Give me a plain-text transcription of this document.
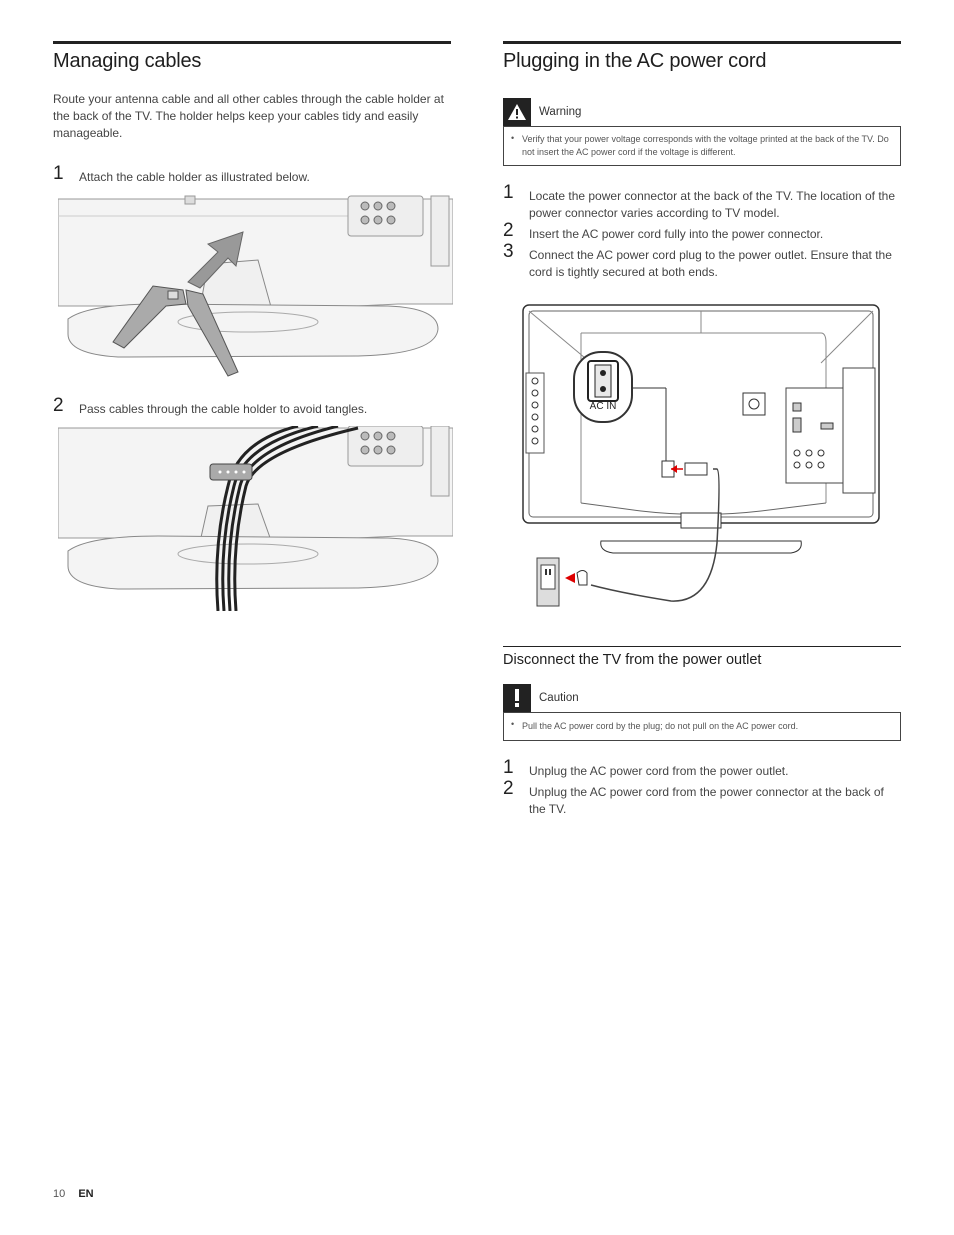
Managing cables
Route your antenna cable and all other cables through the cable holder at the back of the TV. The holder helps keep your cables tidy and easily manageable.
1 Attach the cable holder as illustrated below.
2 Pass cables through the cable holder to avoid tangles.
Plugging in the AC power cord
Warning
• Verify that your power voltage corresponds with the voltage printed at the back of the TV. Do not insert the AC power cord if the voltage is different.
1 Locate the power connector at the back of the TV. The location of the power connector varies according to TV model.
2 Insert the AC power cord fully into the power connector.
3 Connect the AC power cord plug to the power outlet. Ensure that the cord is tightly secured at both ends.
AC IN
Disconnect the TV from the power outlet
Caution
• Pull the AC power cord by the plug; do not pull on the AC power cord.
1 Unplug the AC power cord from the power outlet.
2 Unplug the AC power cord from the power connector at the back of the TV.
10 EN
